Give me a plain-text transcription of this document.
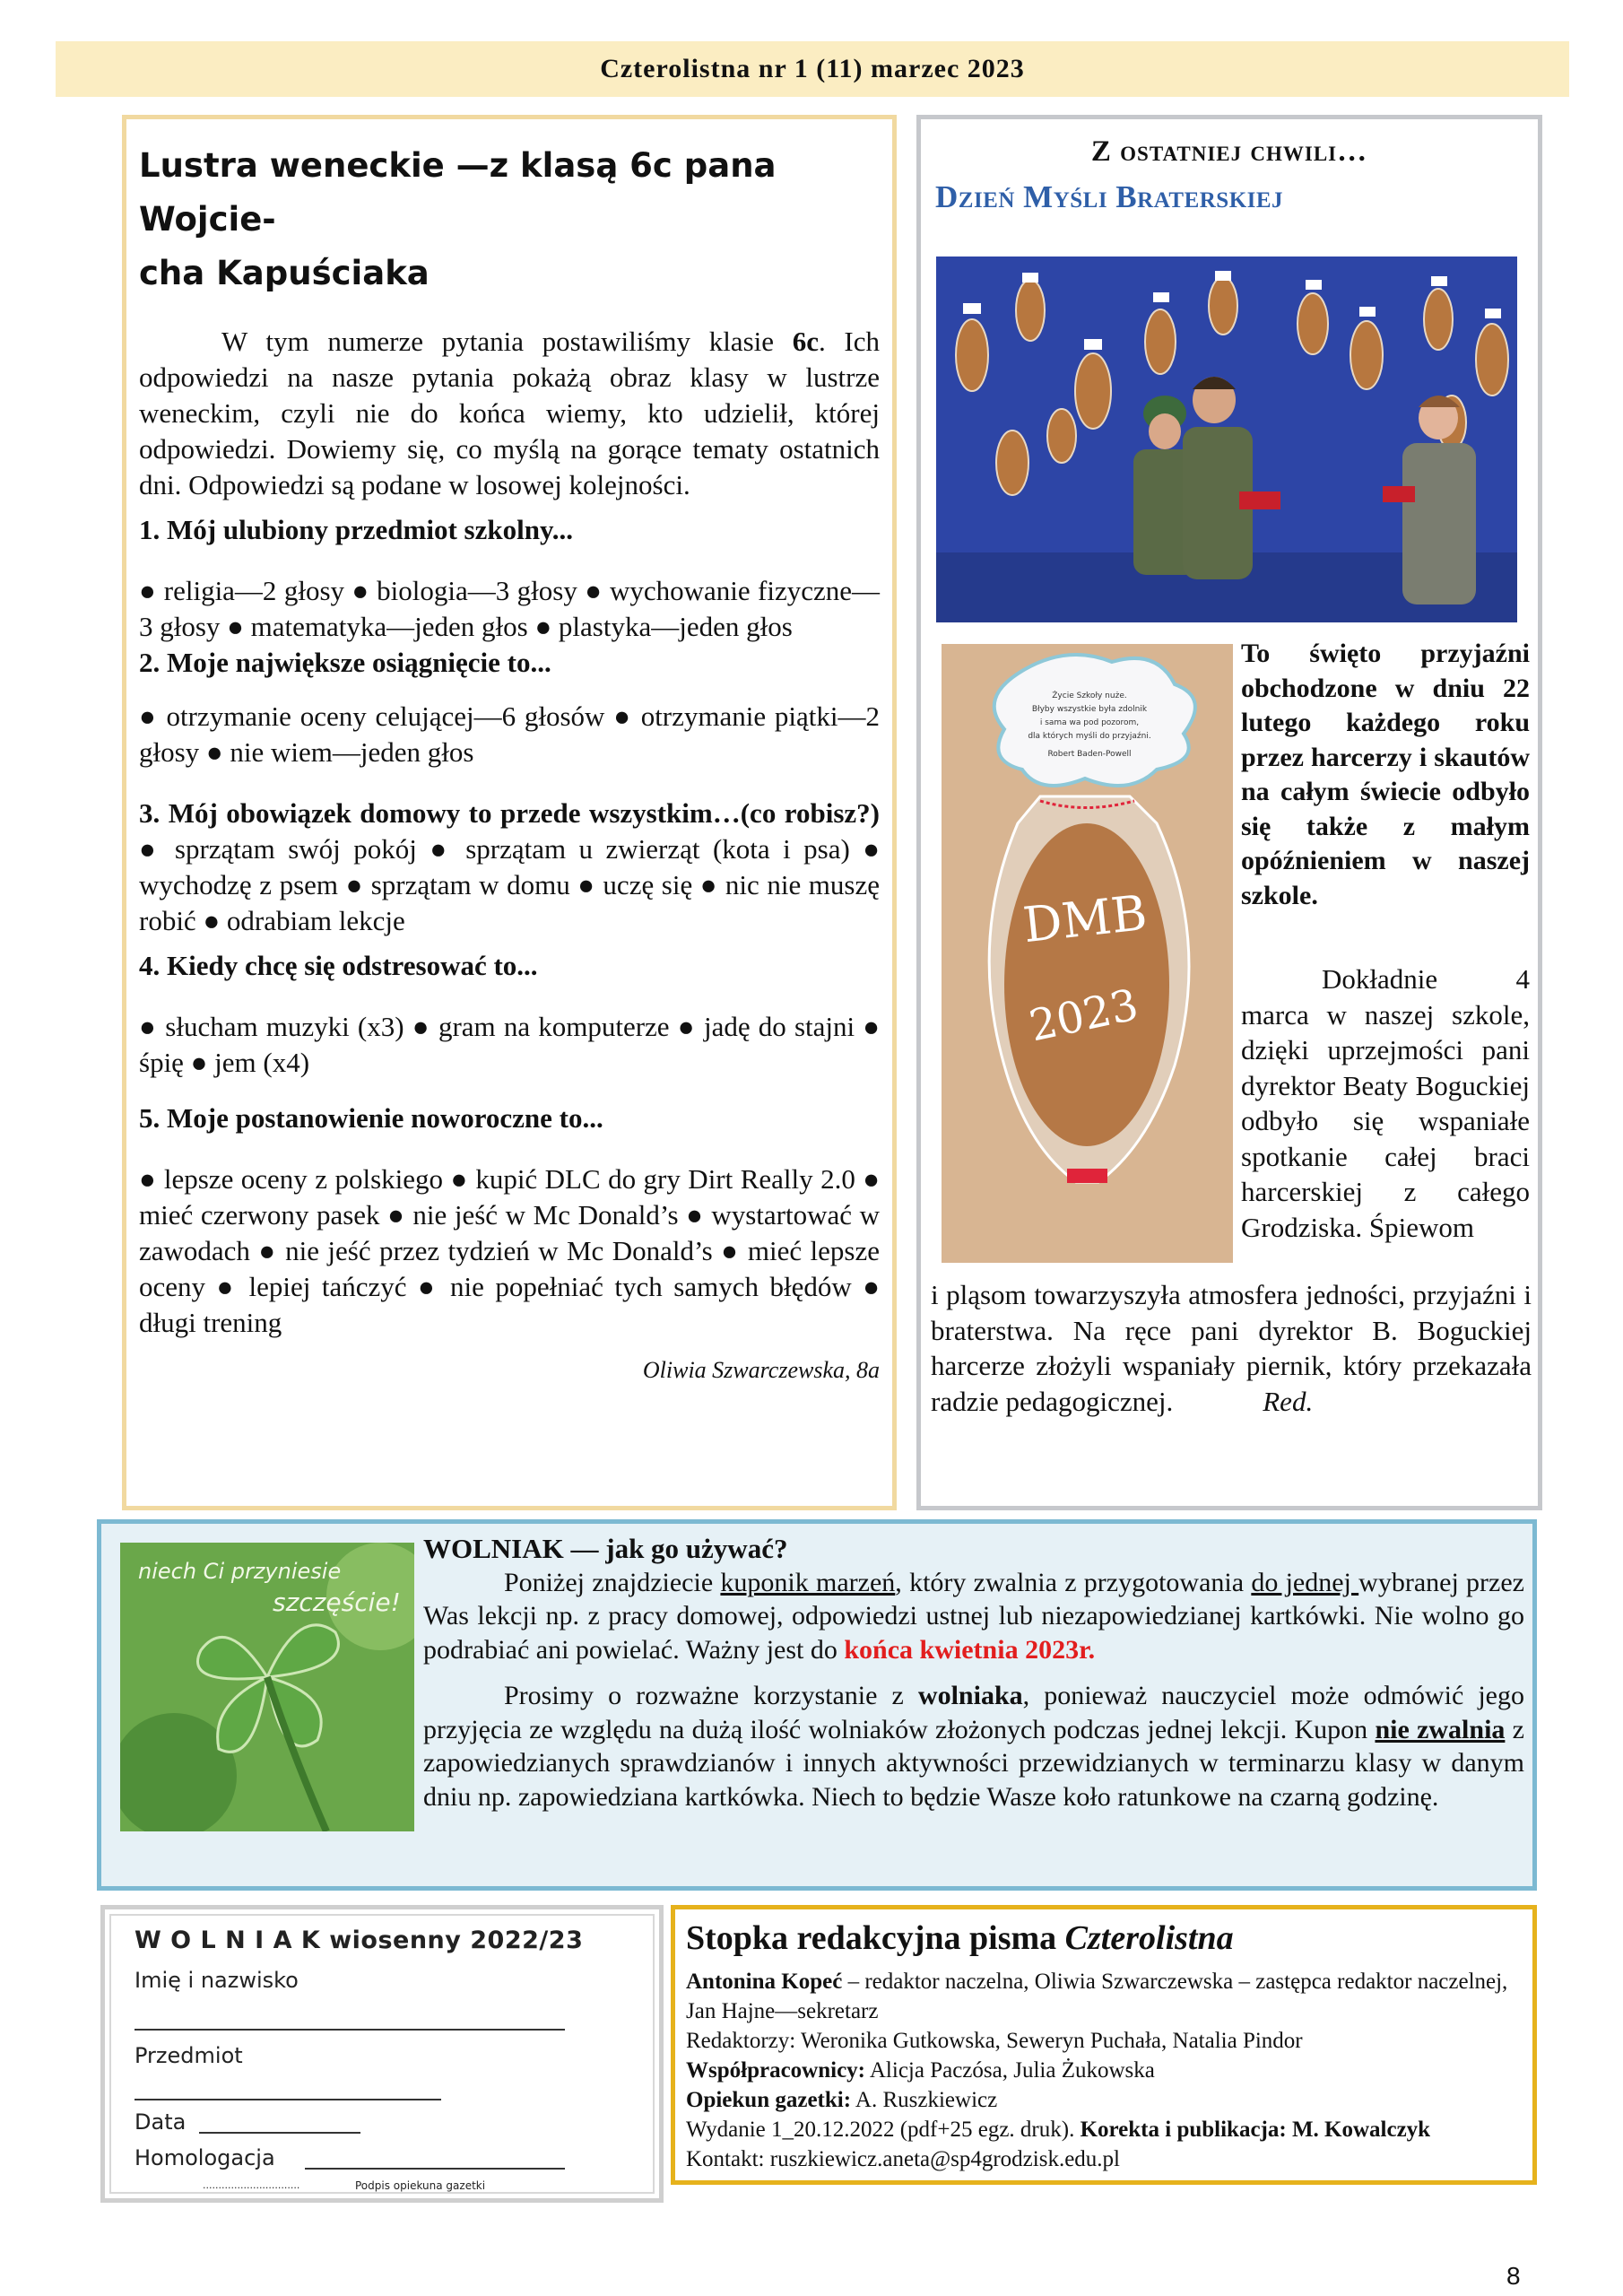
Czterolistna nr 1 (11) marzec 2023
Lustra weneckie —z klasą 6c pana Wojcie-
cha Kapuściaka

W tym numerze pytania postawiliśmy klasie 6c. Ich odpowiedzi na nasze pytania pokażą obraz klasy w lustrze weneckim, czyli nie do końca wiemy, kto udzielił, której odpowiedzi. Dowiemy się, co myślą na gorące tematy ostatnich dni. Odpowiedzi są podane w losowej kolejności.

1. Mój ulubiony przedmiot szkolny...

● religia—2 głosy ● biologia—3 głosy ● wychowanie fizyczne—3 głosy ● matematyka—jeden głos ● plastyka—jeden głos

2. Moje największe osiągnięcie to...

● otrzymanie oceny celującej—6 głosów ● otrzymanie piątki—2 głosy ● nie wiem—jeden głos

3. Mój obowiązek domowy to przede wszystkim…(co robisz?) ● sprzątam swój pokój ● sprzątam u zwierząt (kota i psa) ● wychodzę z psem ● sprzątam w domu ● uczę się ● nic nie muszę robić ● odrabiam lekcje

4. Kiedy chcę się odstresować to...

● słucham muzyki (x3) ● gram na komputerze ● jadę do stajni ● śpię ● jem (x4)

5. Moje postanowienie noworoczne to...

● lepsze oceny z polskiego ● kupić DLC do gry Dirt Really 2.0 ● mieć czerwony pasek ● nie jeść w Mc Donald’s ● wystartować w zawodach ● nie jeść przez tydzień w Mc Donald’s ● mieć lepsze oceny ● lepiej tańczyć ● nie popełniać tych samych błędów ● długi trening

Oliwia Szwarczewska, 8a

Z ostatniej chwili…
Dzień Myśli Braterskiej
Życie Szkoły nuże.
Błyby wszystkie była zdolnik
i sama wa pod pozorom,
dla których myśli do przyjaźni.
Robert Baden-Powell
DMB
2023
To święto przyjaźni obchodzone w dniu 22 lutego każdego roku przez harcerzy i skautów na całym świecie odbyło się także z małym opóźnieniem w naszej szkole.
Dokładnie 4 marca w naszej szkole, dzięki uprzejmości pani dyrektor Beaty Boguckiej odbyło się wspaniałe spotkanie całej braci harcerskiej z całego Grodziska. Śpiewom
i pląsom towarzyszyła atmosfera jedności, przyjaźni i braterstwa. Na ręce pani dyrektor B. Boguckiej harcerze złożyli wspaniały piernik, który przekazała radzie pedagogicznej.	Red.
niech Ci przyniesie
szczęście!

WOLNIAK — jak go używać?

Poniżej znajdziecie kuponik marzeń, który zwalnia z przygotowania do jednej wybranej przez Was lekcji np. z pracy domowej, odpowiedzi ustnej lub niezapowiedzianej kartkówki. Nie wolno go podrabiać ani powielać. Ważny jest do końca kwietnia 2023r.

Prosimy o rozważne korzystanie z wolniaka, ponieważ nauczyciel może odmówić jego przyjęcia ze względu na dużą ilość wolniaków złożonych podczas jednej lekcji. Kupon nie zwalnia z zapowiedzianych sprawdzianów i innych aktywności przewidzianych w terminarzu klasy w danym dniu np. zapowiedziana kartkówka. Niech to będzie Wasze koło ratunkowe na czarną godzinę.

W O L N I A K wiosenny 2022/23
Imię i nazwisko
Przedmiot
Data
Homologacja
...............................	Podpis opiekuna gazetki

Stopka redakcyjna pisma Czterolistna

Antonina Kopeć – redaktor naczelna, Oliwia Szwarczewska – zastępca redaktor naczelnej, Jan Hajne—sekretarz

Redaktorzy: Weronika Gutkowska, Seweryn Puchała, Natalia Pindor

Współpracownicy: Alicja Paczósa, Julia Żukowska

Opiekun gazetki: A. Ruszkiewicz

Wydanie 1_20.12.2022 (pdf+25 egz. druk). Korekta i publikacja: M. Kowalczyk

Kontakt: ruszkiewicz.aneta@sp4grodzisk.edu.pl

8
